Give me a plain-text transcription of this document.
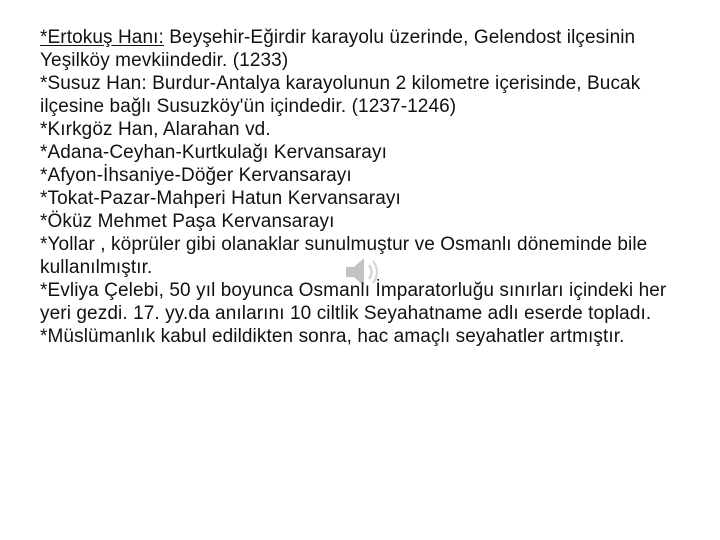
*Ertokuş Hanı: Beyşehir-Eğirdir karayolu üzerinde, Gelendost ilçesinin Yeşilköy mevkiindedir. (1233)

*Susuz Han: Burdur-Antalya karayolunun 2 kilometre içerisinde, Bucak ilçesine bağlı Susuzköy'ün içindedir. (1237-1246)

*Kırkgöz Han, Alarahan vd.

*Adana-Ceyhan-Kurtkulağı Kervansarayı

*Afyon-İhsaniye-Döğer Kervansarayı

*Tokat-Pazar-Mahperi Hatun Kervansarayı

*Öküz Mehmet Paşa Kervansarayı

*Yollar , köprüler gibi olanaklar sunulmuştur ve Osmanlı döneminde bile kullanılmıştır.

*Evliya Çelebi, 50 yıl boyunca Osmanlı İmparatorluğu sınırları içindeki her yeri gezdi. 17. yy.da anılarını 10 ciltlik Seyahatname adlı eserde topladı.

*Müslümanlık kabul edildikten sonra, hac amaçlı seyahatler artmıştır.
